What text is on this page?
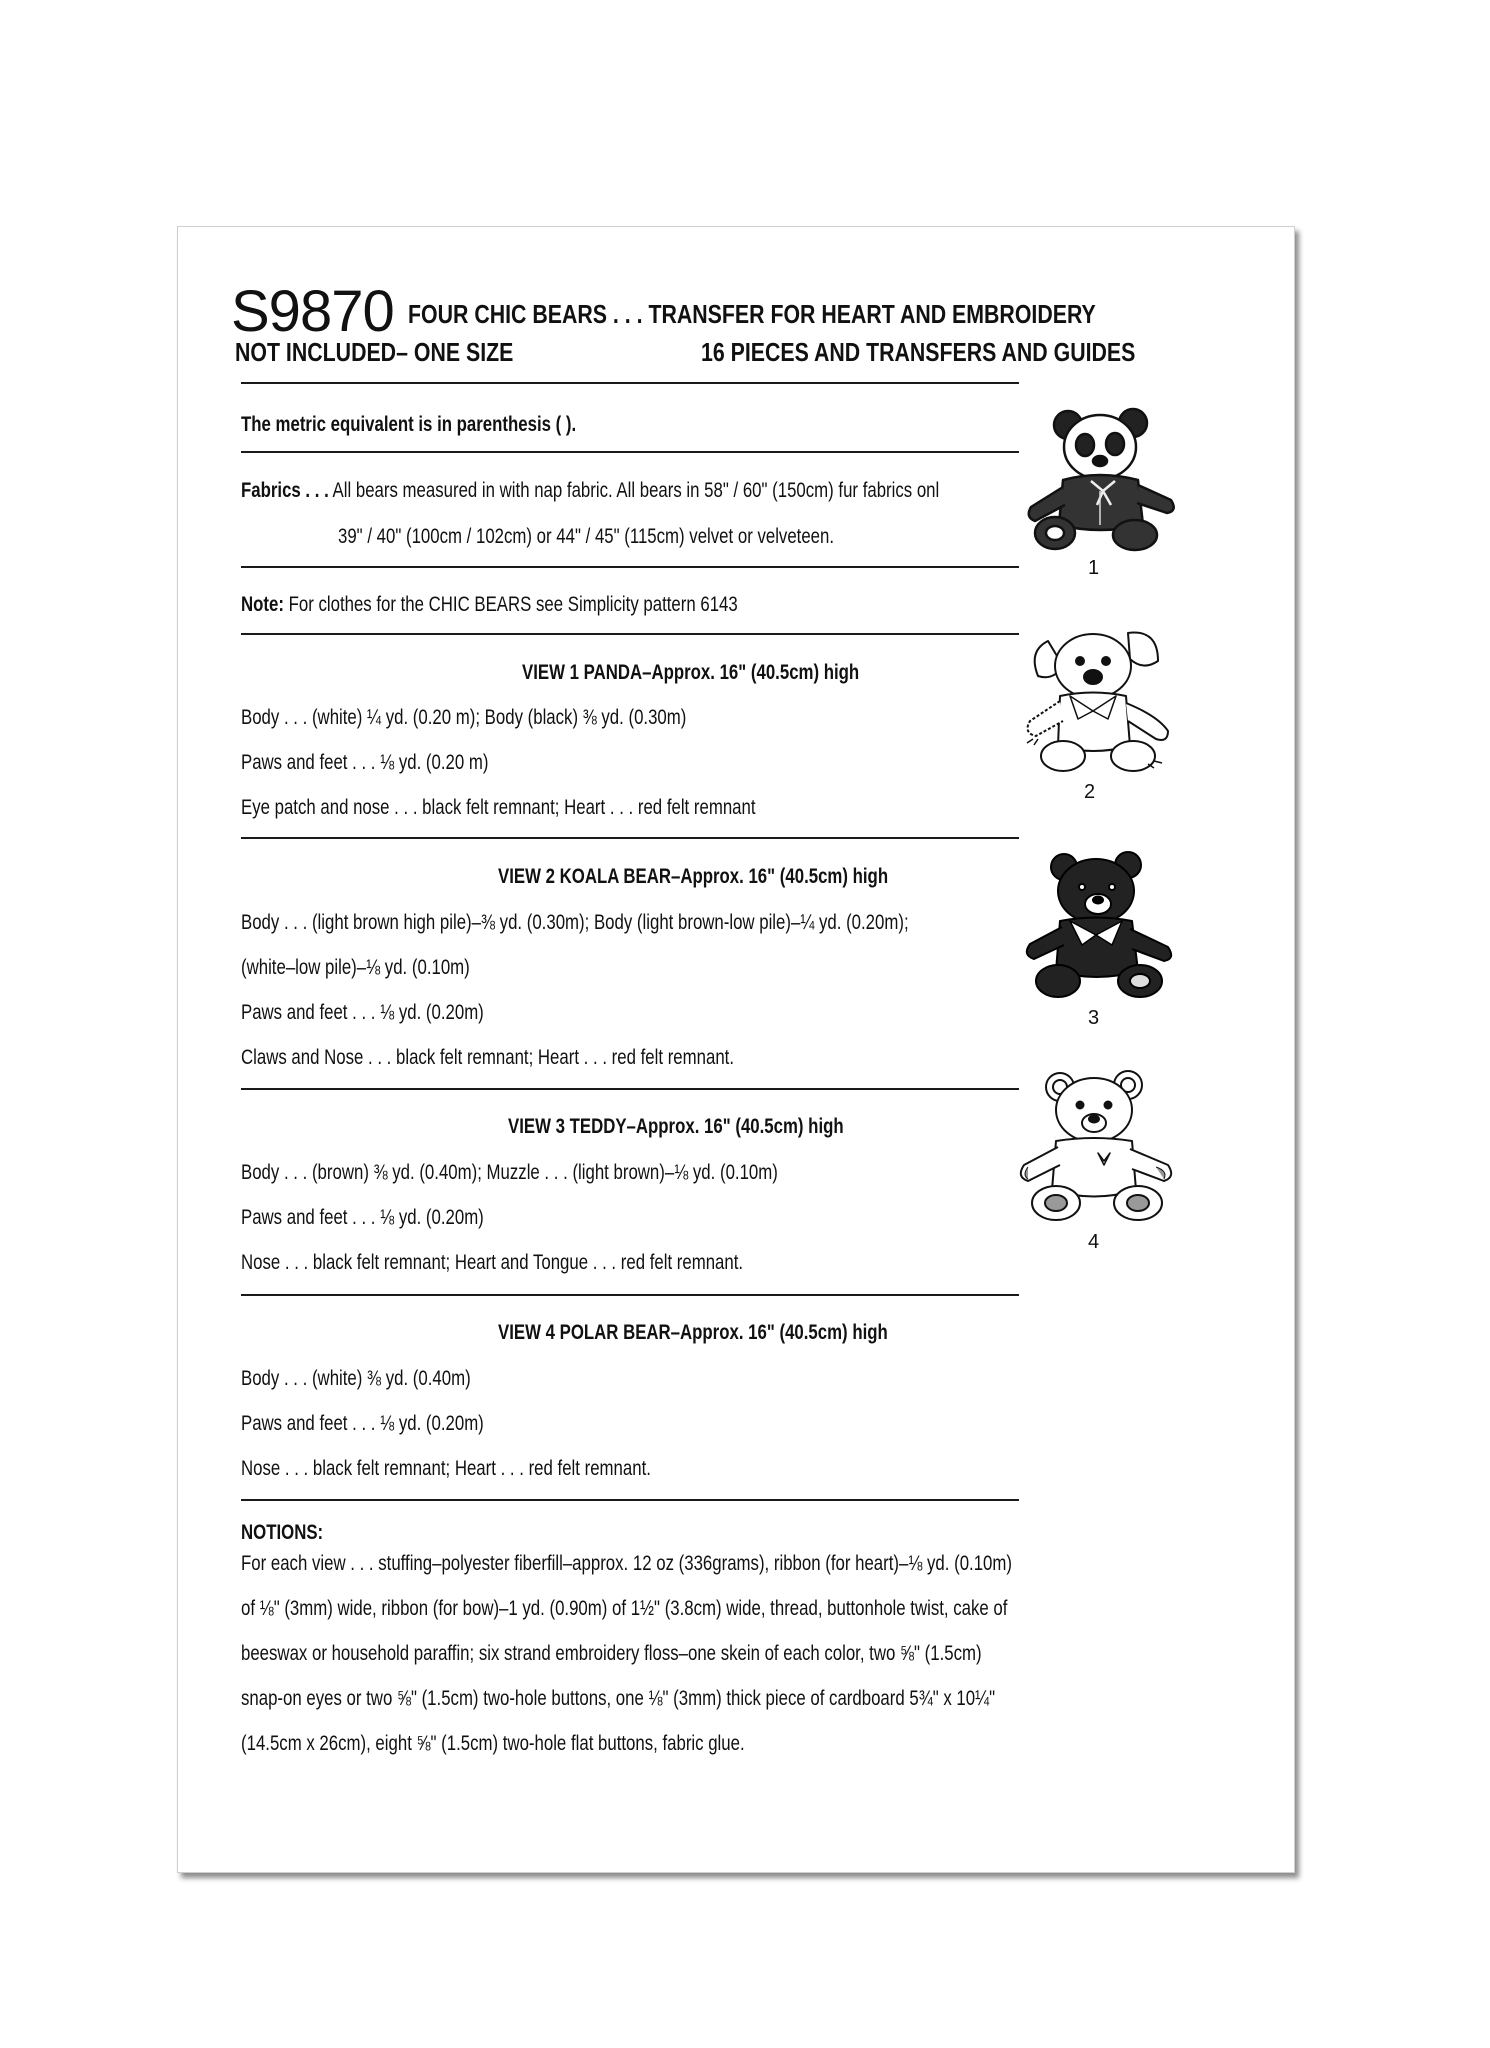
S9870 FOUR CHIC BEARS . . . TRANSFER FOR HEART AND EMBROIDERY
NOT INCLUDED– ONE SIZE	16 PIECES AND TRANSFERS AND GUIDES
The metric equivalent is in parenthesis ( ).
Fabrics . . . All bears measured in with nap fabric. All bears in 58" / 60" (150cm) fur fabrics onl
39" / 40" (100cm / 102cm) or 44" / 45" (115cm) velvet or velveteen.
Note: For clothes for the CHIC BEARS see Simplicity pattern 6143
VIEW 1 PANDA–Approx. 16" (40.5cm) high
Body . . . (white) ¼ yd. (0.20 m); Body (black) ⅜ yd. (0.30m)
Paws and feet . . . ⅛ yd. (0.20 m)
Eye patch and nose . . . black felt remnant; Heart . . . red felt remnant
VIEW 2 KOALA BEAR–Approx. 16" (40.5cm) high
Body . . . (light brown high pile)–⅜ yd. (0.30m); Body (light brown-low pile)–¼ yd. (0.20m);
(white–low pile)–⅛ yd. (0.10m)
Paws and feet . . . ⅛ yd. (0.20m)
Claws and Nose . . . black felt remnant; Heart . . . red felt remnant.
VIEW 3 TEDDY–Approx. 16" (40.5cm) high
Body . . . (brown) ⅜ yd. (0.40m); Muzzle . . . (light brown)–⅛ yd. (0.10m)
Paws and feet . . . ⅛ yd. (0.20m)
Nose . . . black felt remnant; Heart and Tongue . . . red felt remnant.
VIEW 4 POLAR BEAR–Approx. 16" (40.5cm) high
Body . . . (white) ⅜ yd. (0.40m)
Paws and feet . . . ⅛ yd. (0.20m)
Nose . . . black felt remnant; Heart . . . red felt remnant.
NOTIONS:
For each view . . . stuffing–polyester fiberfill–approx. 12 oz (336grams), ribbon (for heart)–⅛ yd. (0.10m)
of ⅛" (3mm) wide, ribbon (for bow)–1 yd. (0.90m) of 1½" (3.8cm) wide, thread, buttonhole twist, cake of
beeswax or household paraffin; six strand embroidery floss–one skein of each color, two ⅝" (1.5cm)
snap-on eyes or two ⅝" (1.5cm) two-hole buttons, one ⅛" (3mm) thick piece of cardboard 5¾" x 10¼"
(14.5cm x 26cm), eight ⅝" (1.5cm) two-hole flat buttons, fabric glue.
1
2
3
4
